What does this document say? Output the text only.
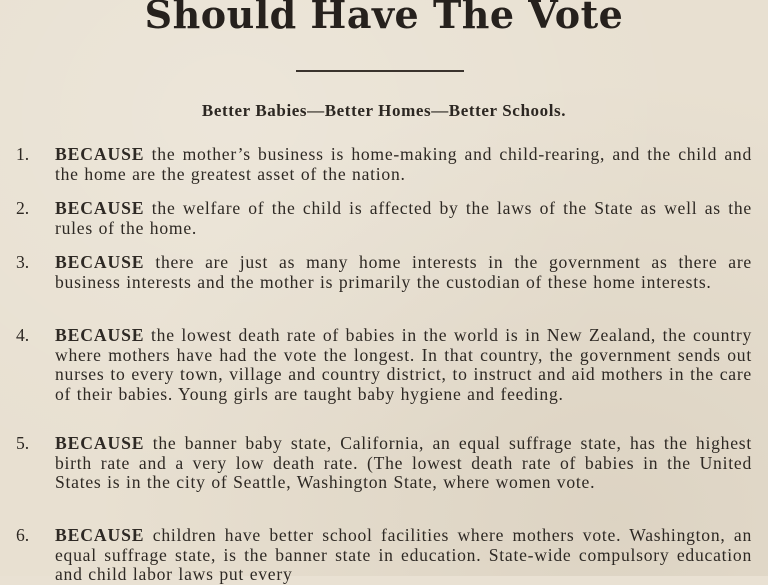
Should Have The Vote
Better Babies—Better Homes—Better Schools.
1.	BECAUSE the mother’s business is home-making and child-rearing, and the child and the home are the greatest asset of the nation.
2.	BECAUSE the welfare of the child is affected by the laws of the State as well as the rules of the home.
3.	BECAUSE there are just as many home interests in the government as there are business interests and the mother is primarily the custodian of these home interests.
4.	BECAUSE the lowest death rate of babies in the world is in New Zealand, the country where mothers have had the vote the longest. In that country, the government sends out nurses to every town, village and country district, to instruct and aid mothers in the care of their babies. Young girls are taught baby hygiene and feeding.
5.	BECAUSE the banner baby state, California, an equal suffrage state, has the highest birth rate and a very low death rate. (The lowest death rate of babies in the United States is in the city of Seattle, Washington State, where women vote.
6.	BECAUSE children have better school facilities where mothers vote. Washington, an equal suffrage state, is the banner state in education. State-wide compulsory education and child labor laws put every
